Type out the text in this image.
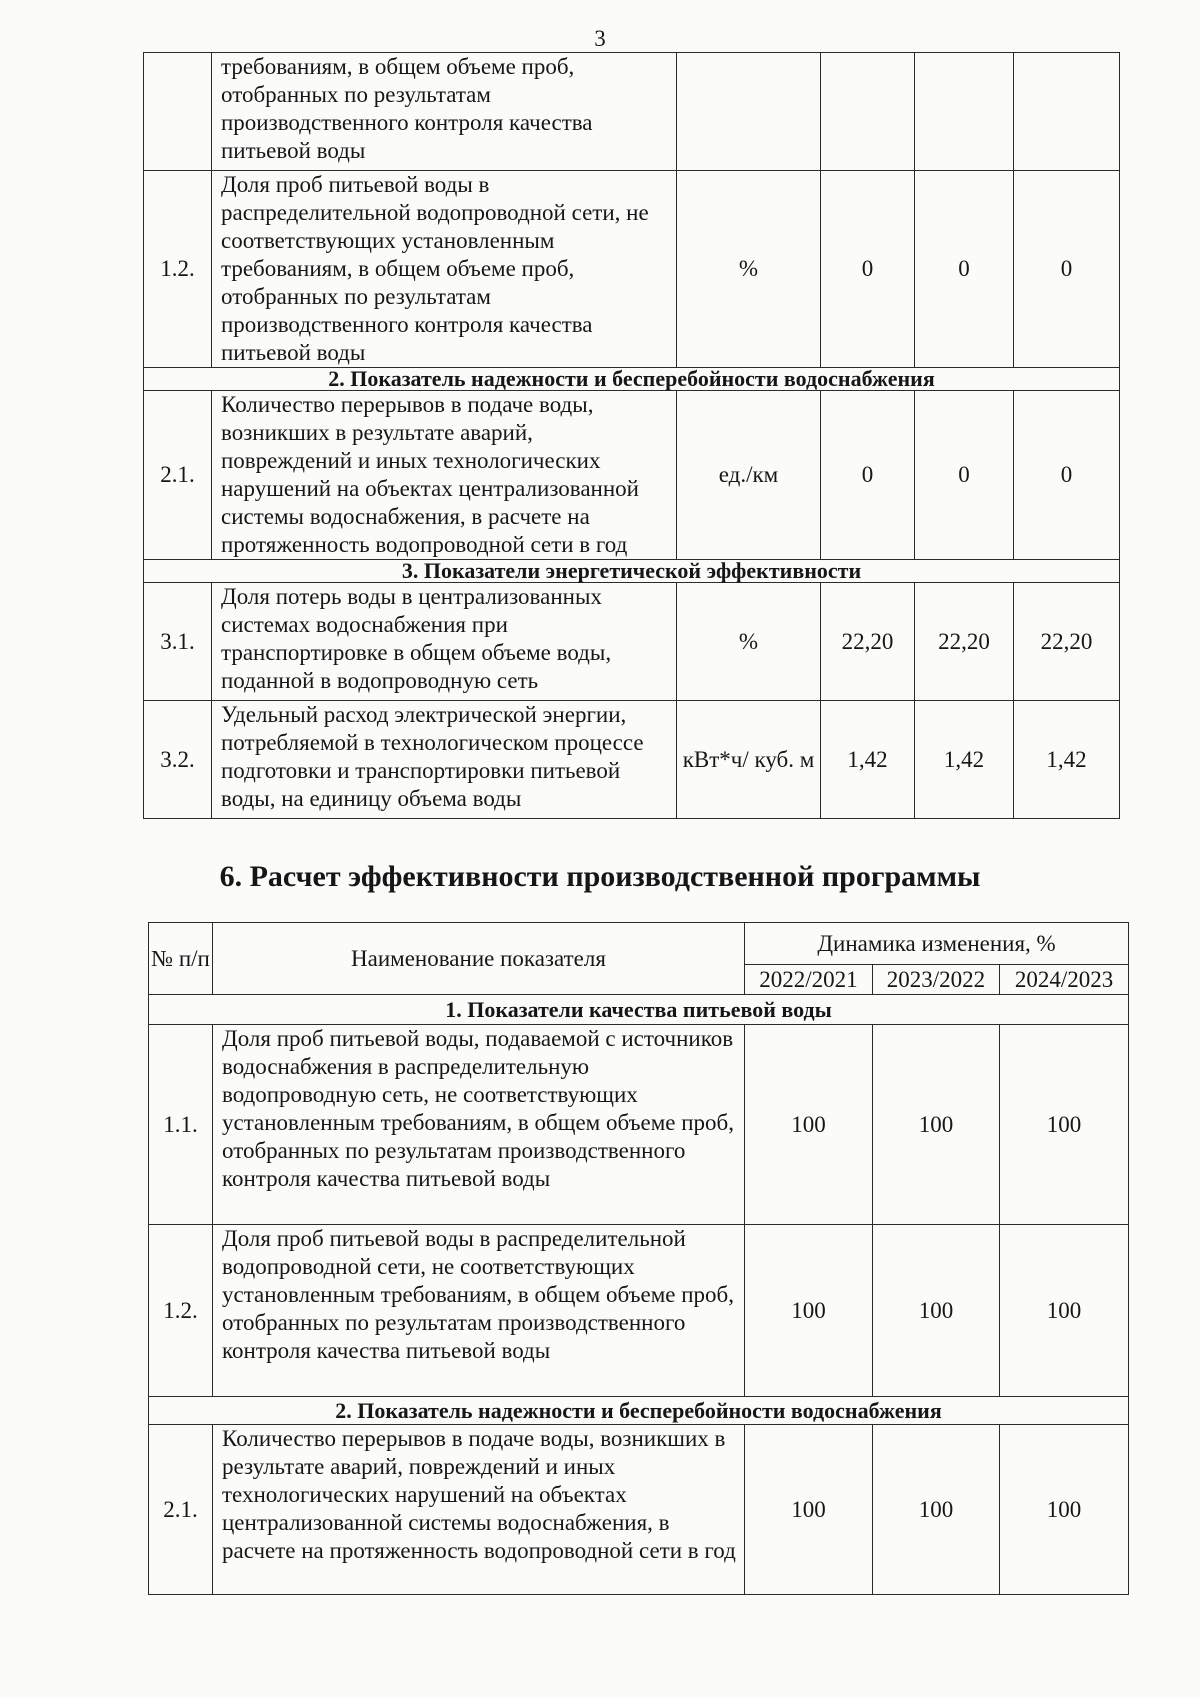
3
	требованиям, в общем объеме проб, отобранных по результатам производственного контроля качества питьевой воды				
1.2.	Доля проб питьевой воды в распределительной водопроводной сети, не соответствующих установленным требованиям, в общем объеме проб, отобранных по результатам производственного контроля качества питьевой воды	%	0	0	0
2. Показатель надежности и бесперебойности водоснабжения					
2.1.	Количество перерывов в подаче воды, возникших в результате аварий, повреждений и иных технологических нарушений на объектах централизованной системы водоснабжения, в расчете на протяженность водопроводной сети в год	ед./км	0	0	0
3. Показатели энергетической эффективности					
3.1.	Доля потерь воды в централизованных системах водоснабжения при транспортировке в общем объеме воды, поданной в водопроводную сеть	%	22,20	22,20	22,20
3.2.	Удельный расход электрической энергии, потребляемой в технологическом процессе подготовки и транспортировки питьевой воды, на единицу объема воды	кВт*ч/ куб. м	1,42	1,42	1,42
6. Расчет эффективности производственной программы
№ п/п	Наименование показателя	Динамика изменения, %		
		2022/2021	2023/2022	2024/2023
1. Показатели качества питьевой воды				
1.1.	Доля проб питьевой воды, подаваемой с источников водоснабжения в распределительную водопроводную сеть, не соответствующих установленным требованиям, в общем объеме проб, отобранных по результатам производственного контроля качества питьевой воды	100	100	100
1.2.	Доля проб питьевой воды в распределительной водопроводной сети, не соответствующих установленным требованиям, в общем объеме проб, отобранных по результатам производственного контроля качества питьевой воды	100	100	100
2. Показатель надежности и бесперебойности водоснабжения				
2.1.	Количество перерывов в подаче воды, возникших в результате аварий, повреждений и иных технологических нарушений на объектах централизованной системы водоснабжения, в расчете на протяженность водопроводной сети в год	100	100	100
